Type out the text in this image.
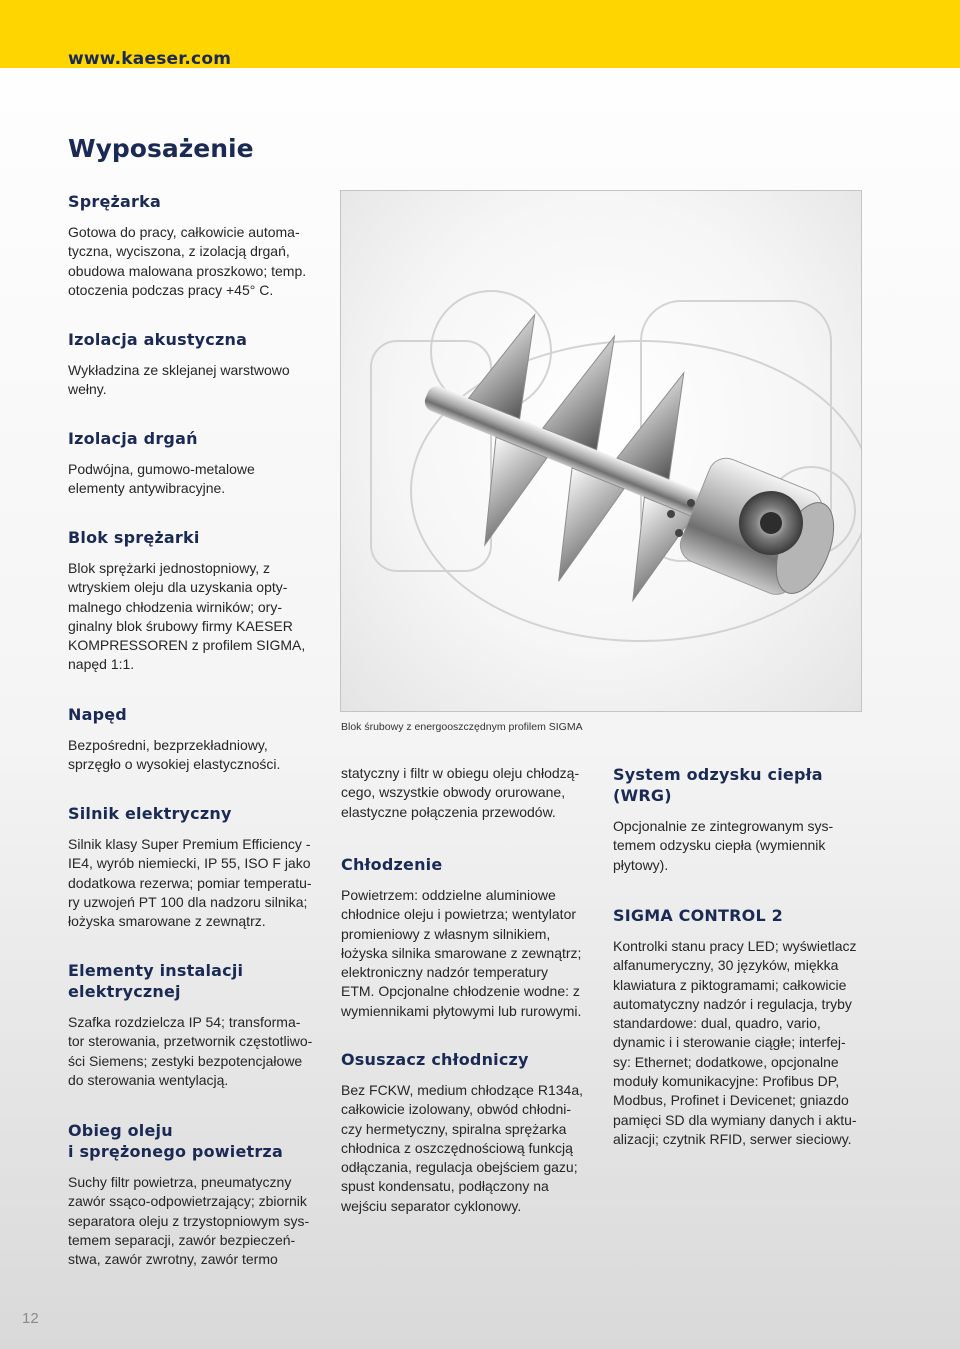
www.kaeser.com
Wyposażenie
Sprężarka

Gotowa do pracy, całkowicie automa-
tyczna, wyciszona, z izolacją drgań,
obudowa malowana proszkowo; temp.
otoczenia podczas pracy +45° C.

Izolacja akustyczna

Wykładzina ze sklejanej warstwowo
wełny.

Izolacja drgań

Podwójna, gumowo-metalowe
elementy antywibracyjne.

Blok sprężarki

Blok sprężarki jednostopniowy, z
wtryskiem oleju dla uzyskania opty-
malnego chłodzenia wirników; ory-
ginalny blok śrubowy firmy KAESER
KOMPRESSOREN z profilem SIGMA,
napęd 1:1.

Napęd

Bezpośredni, bezprzekładniowy,
sprzęgło o wysokiej elastyczności.

Silnik elektryczny

Silnik klasy Super Premium Efficiency -
IE4, wyrób niemiecki, IP 55, ISO F jako
dodatkowa rezerwa; pomiar temperatu-
ry uzwojeń PT 100 dla nadzoru silnika;
łożyska smarowane z zewnątrz.

Elementy instalacji
elektrycznej

Szafka rozdzielcza IP 54; transforma-
tor sterowania, przetwornik częstotliwo-
ści Siemens; zestyki bezpotencjałowe
do sterowania wentylacją.

Obieg oleju
i sprężonego powietrza

Suchy filtr powietrza, pneumatyczny
zawór ssąco-odpowietrzający; zbiornik
separatora oleju z trzystopniowym sys-
temem separacji, zawór bezpieczeń-
stwa, zawór zwrotny, zawór termo

Blok śrubowy z energooszczędnym profilem SIGMA

statyczny i filtr w obiegu oleju chłodzą-
cego, wszystkie obwody orurowane,
elastyczne połączenia przewodów.

Chłodzenie

Powietrzem: oddzielne aluminiowe
chłodnice oleju i powietrza; wentylator
promieniowy z własnym silnikiem,
łożyska silnika smarowane z zewnątrz;
elektroniczny nadzór temperatury
ETM. Opcjonalne chłodzenie wodne: z
wymiennikami płytowymi lub rurowymi.

Osuszacz chłodniczy

Bez FCKW, medium chłodzące R134a,
całkowicie izolowany, obwód chłodni-
czy hermetyczny, spiralna sprężarka
chłodnica z oszczędnościową funkcją
odłączania, regulacja obejściem gazu;
spust kondensatu, podłączony na
wejściu separator cyklonowy.

System odzysku ciepła
(WRG)

Opcjonalnie ze zintegrowanym sys-
temem odzysku ciepła (wymiennik
płytowy).

SIGMA CONTROL 2

Kontrolki stanu pracy LED; wyświetlacz
alfanumeryczny, 30 języków, miękka
klawiatura z piktogramami; całkowicie
automatyczny nadzór i regulacja, tryby
standardowe: dual, quadro, vario,
dynamic i i sterowanie ciągłe; interfej-
sy: Ethernet; dodatkowe, opcjonalne
moduły komunikacyjne: Profibus DP,
Modbus, Profinet i Devicenet; gniazdo
pamięci SD dla wymiany danych i aktu-
alizacji; czytnik RFID, serwer sieciowy.

12
